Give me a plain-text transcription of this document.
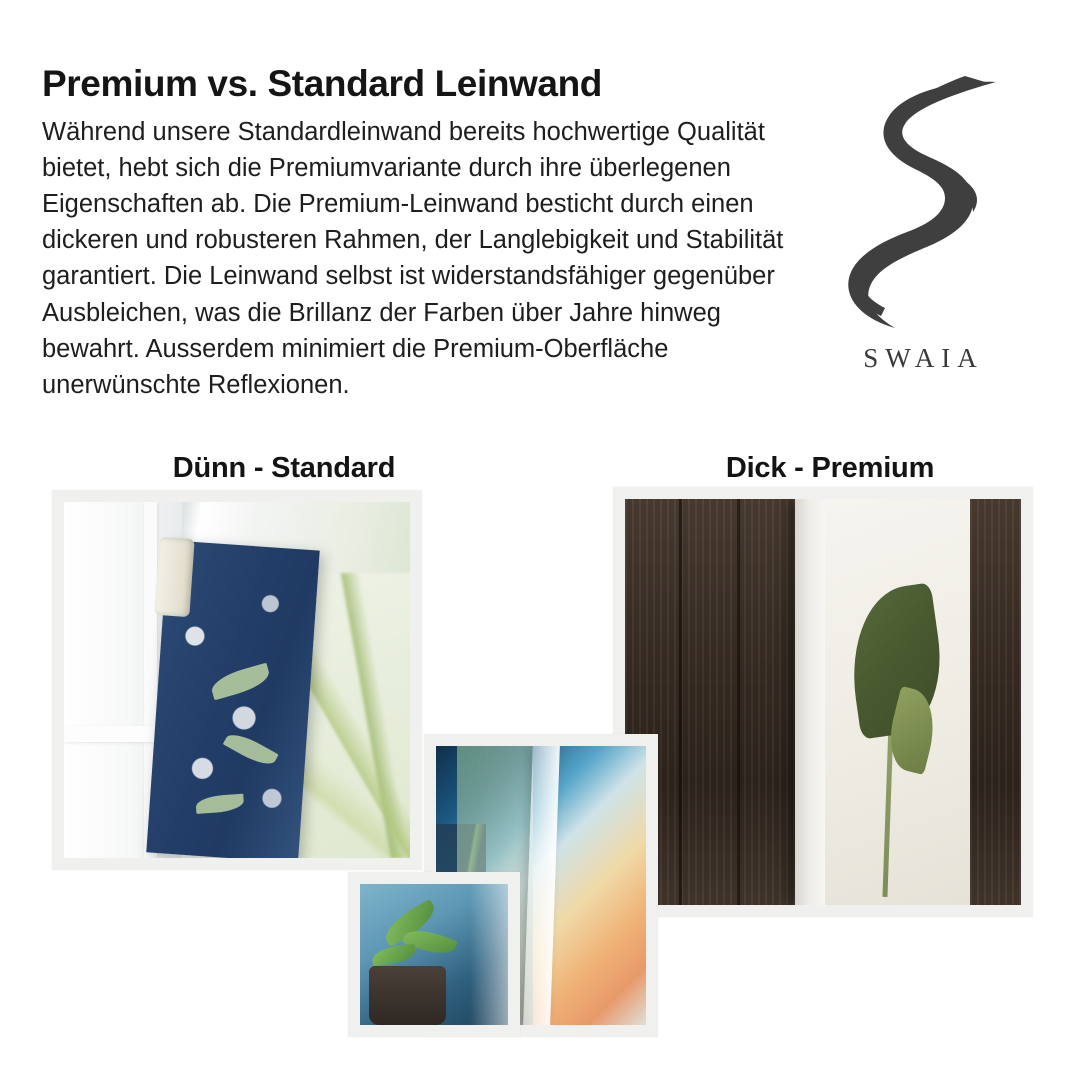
Premium vs. Standard Leinwand

Während unsere Standardleinwand bereits hochwertige Qualität bietet, hebt sich die Premiumvariante durch ihre überlegenen Eigenschaften ab. Die Premium-Leinwand besticht durch einen dickeren und robusteren Rahmen, der Langlebigkeit und Stabilität garantiert. Die Leinwand selbst ist widerstandsfähiger gegenüber Ausbleichen, was die Brillanz der Farben über Jahre hinweg bewahrt. Ausserdem minimiert die Premium-Oberfläche unerwünschte Reflexionen.

SWAIA
Dünn - Standard	Dick - Premium
